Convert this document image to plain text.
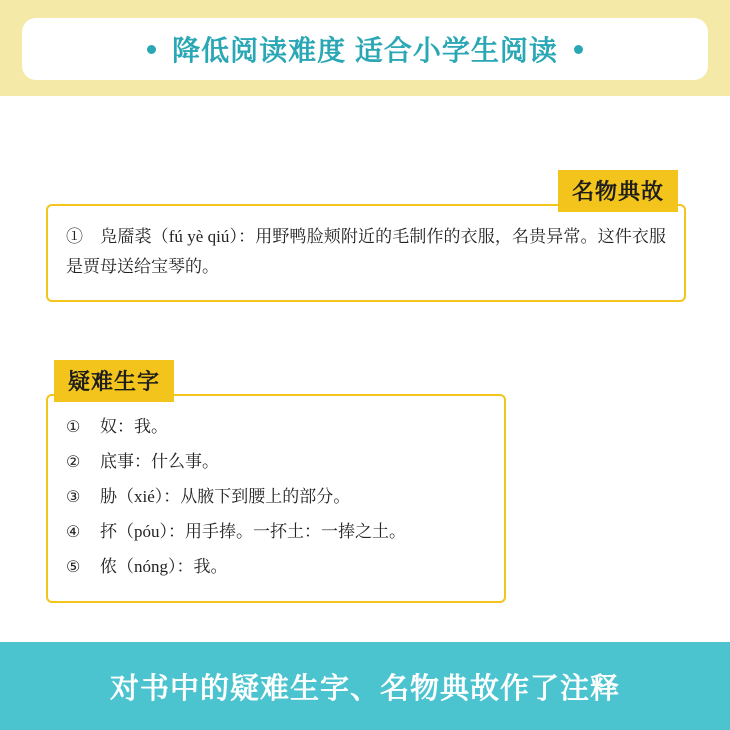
降低阅读难度 适合小学生阅读
名物典故

①　凫靥裘（fú yè qiú）：用野鸭脸颊附近的毛制作的衣服，名贵异常。这件衣服是贾母送给宝琴的。

疑难生字
①	奴：我。
②	底事：什么事。
③	胁（xié）：从腋下到腰上的部分。
④	抔（póu）：用手捧。一抔土：一捧之土。
⑤	侬（nóng）：我。
对书中的疑难生字、名物典故作了注释
